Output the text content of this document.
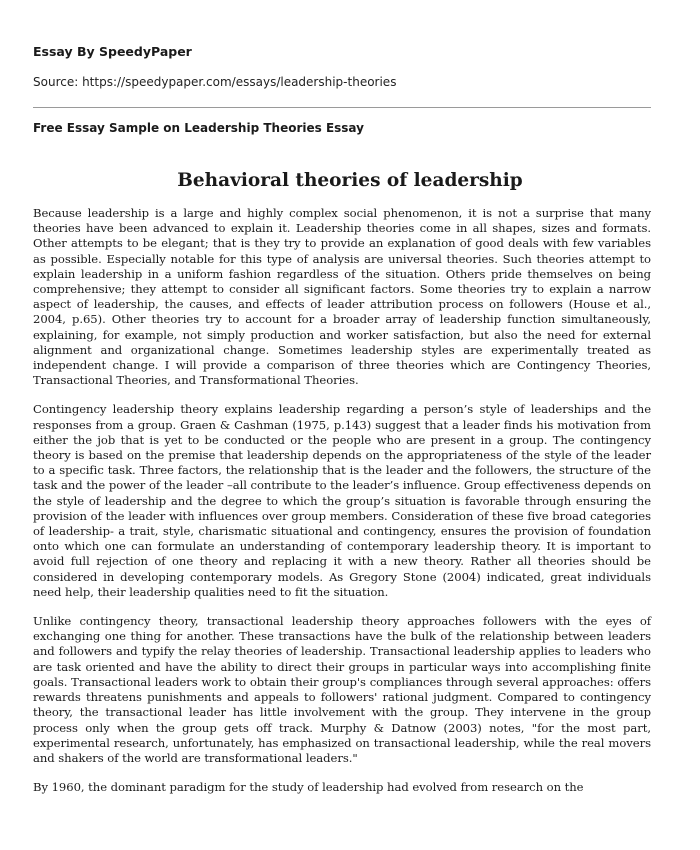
Essay By SpeedyPaper
Source: https://speedypaper.com/essays/leadership-theories
Free Essay Sample on Leadership Theories Essay
Behavioral theories of leadership

Because leadership is a large and highly complex social phenomenon, it is not a surprise that many theories have been advanced to explain it. Leadership theories come in all shapes, sizes and formats. Other attempts to be elegant; that is they try to provide an explanation of good deals with few variables as possible. Especially notable for this type of analysis are universal theories. Such theories attempt to explain leadership in a uniform fashion regardless of the situation. Others pride themselves on being comprehensive; they attempt to consider all significant factors. Some theories try to explain a narrow aspect of leadership, the causes, and effects of leader attribution process on followers (House et al., 2004, p.65). Other theories try to account for a broader array of leadership function simultaneously, explaining, for example, not simply production and worker satisfaction, but also the need for external alignment and organizational change. Sometimes leadership styles are experimentally treated as independent change. I will provide a comparison of three theories which are Contingency Theories, Transactional Theories, and Transformational Theories.

Contingency leadership theory explains leadership regarding a person’s style of leaderships and the responses from a group. Graen & Cashman (1975, p.143) suggest that a leader finds his motivation from either the job that is yet to be conducted or the people who are present in a group. The contingency theory is based on the premise that leadership depends on the appropriateness of the style of the leader to a specific task. Three factors, the relationship that is the leader and the followers, the structure of the task and the power of the leader –all contribute to the leader’s influence. Group effectiveness depends on the style of leadership and the degree to which the group’s situation is favorable through ensuring the provision of the leader with influences over group members. Consideration of these five broad categories of leadership- a trait, style, charismatic situational and contingency, ensures the provision of foundation onto which one can formulate an understanding of contemporary leadership theory. It is important to avoid full rejection of one theory and replacing it with a new theory. Rather all theories should be considered in developing contemporary models. As Gregory Stone (2004) indicated, great individuals need help, their leadership qualities need to fit the situation.

Unlike contingency theory, transactional leadership theory approaches followers with the eyes of exchanging one thing for another. These transactions have the bulk of the relationship between leaders and followers and typify the relay theories of leadership. Transactional leadership applies to leaders who are task oriented and have the ability to direct their groups in particular ways into accomplishing finite goals. Transactional leaders work to obtain their group's compliances through several approaches: offers rewards threatens punishments and appeals to followers' rational judgment. Compared to contingency theory, the transactional leader has little involvement with the group. They intervene in the group process only when the group gets off track. Murphy & Datnow (2003) notes, "for the most part, experimental research, unfortunately, has emphasized on transactional leadership, while the real movers and shakers of the world are transformational leaders."

By 1960, the dominant paradigm for the study of leadership had evolved from research on the
